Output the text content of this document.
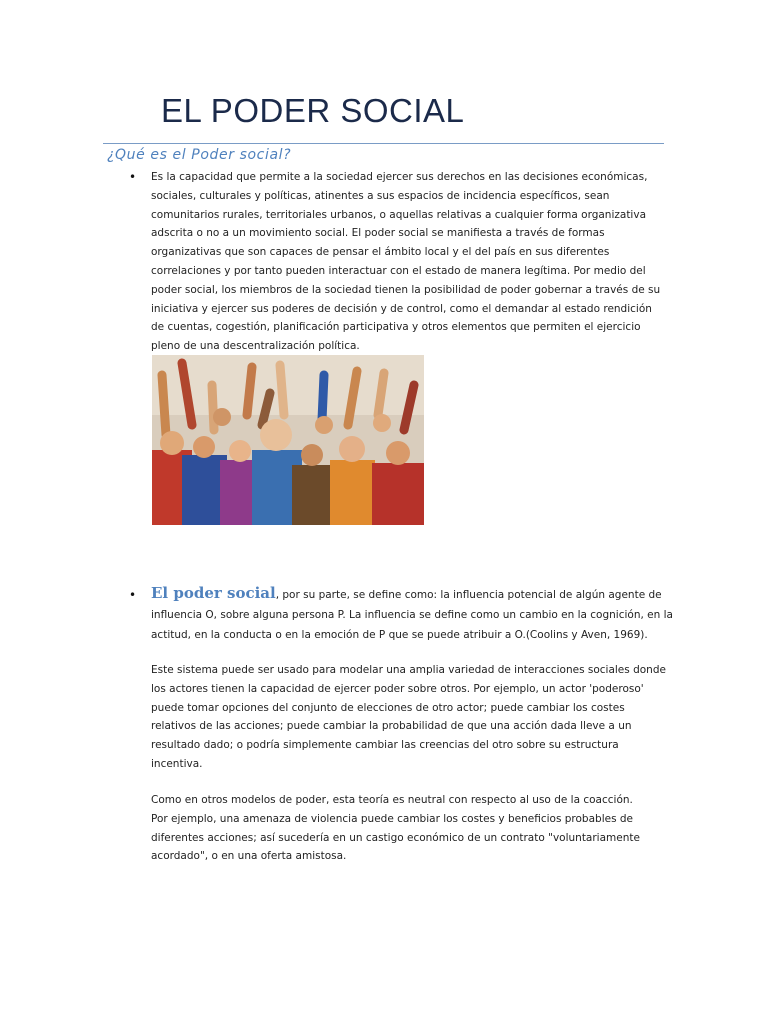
EL PODER SOCIAL
¿Qué es el Poder social?
• Es la capacidad que permite a la sociedad ejercer sus derechos en las decisiones económicas,
sociales, culturales y políticas, atinentes a sus espacios de incidencia específicos, sean
comunitarios rurales, territoriales urbanos, o aquellas relativas a cualquier forma organizativa
adscrita o no a un movimiento social. El poder social se manifiesta a través de formas
organizativas que son capaces de pensar el ámbito local y el del país en sus diferentes
correlaciones y por tanto pueden interactuar con el estado de manera legítima. Por medio del
poder social, los miembros de la sociedad tienen la posibilidad de poder gobernar a través de su
iniciativa y ejercer sus poderes de decisión y de control, como el demandar al estado rendición
de cuentas, cogestión, planificación participativa y otros elementos que permiten el ejercicio
pleno de una descentralización política.

• El poder social, por su parte, se define como: la influencia potencial de algún agente de
influencia O, sobre alguna persona P. La influencia se define como un cambio en la cognición, en la
actitud, en la conducta o en la emoción de P que se puede atribuir a O.(Coolins y Aven, 1969).

Este sistema puede ser usado para modelar una amplia variedad de interacciones sociales donde
los actores tienen la capacidad de ejercer poder sobre otros. Por ejemplo, un actor 'poderoso'
puede tomar opciones del conjunto de elecciones de otro actor; puede cambiar los costes
relativos de las acciones; puede cambiar la probabilidad de que una acción dada lleve a un
resultado dado; o podría simplemente cambiar las creencias del otro sobre su estructura
incentiva.

Como en otros modelos de poder, esta teoría es neutral con respecto al uso de la coacción.
Por ejemplo, una amenaza de violencia puede cambiar los costes y beneficios probables de
diferentes acciones; así sucedería en un castigo económico de un contrato "voluntariamente
acordado", o en una oferta amistosa.
